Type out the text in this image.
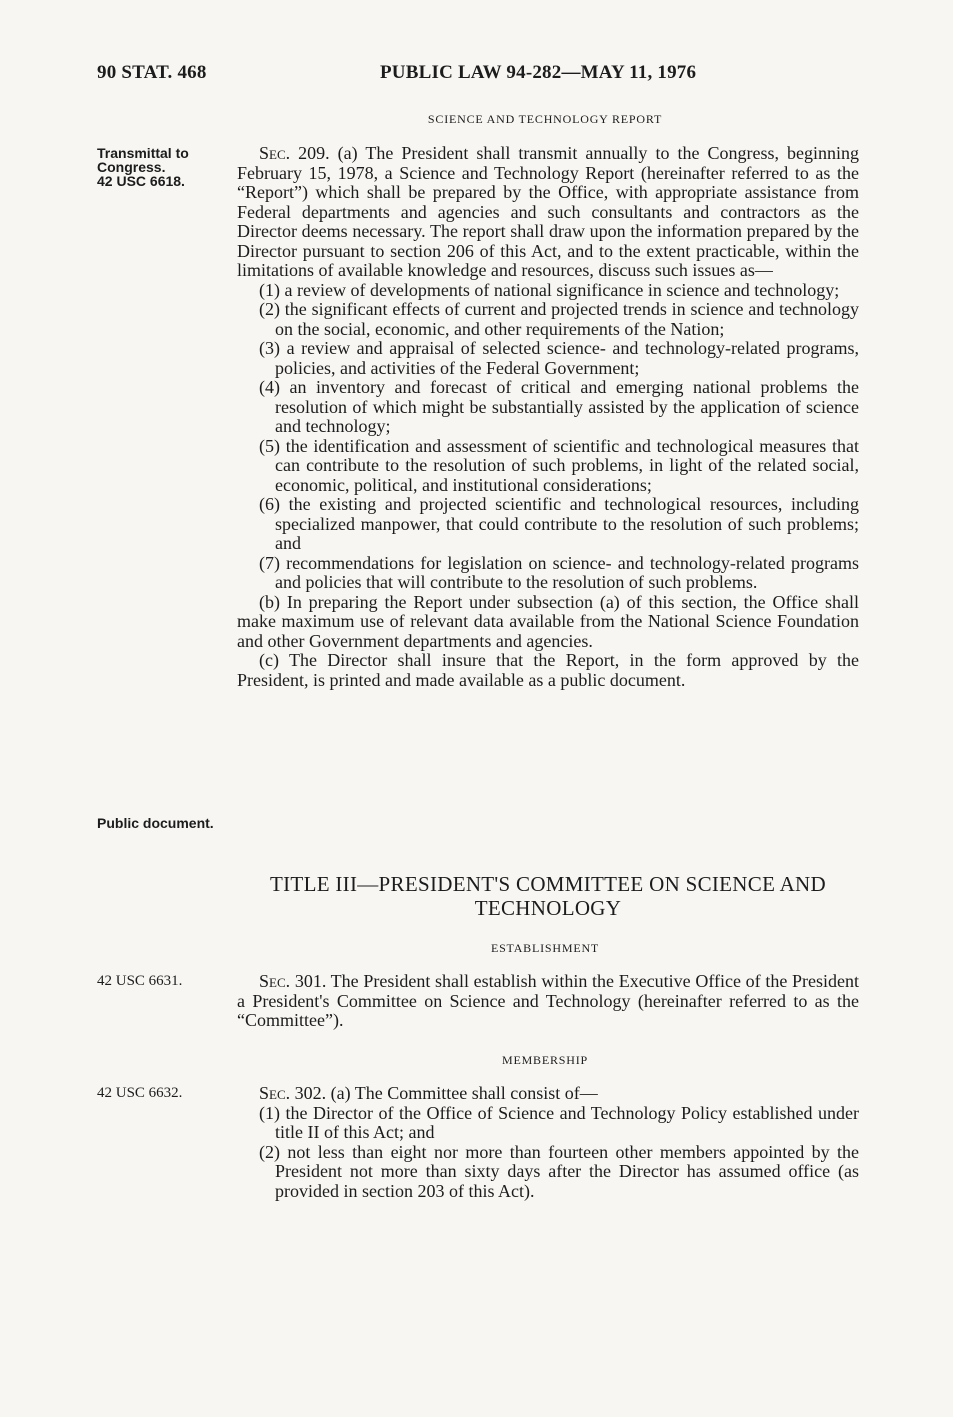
90 STAT. 468	PUBLIC LAW 94-282—MAY 11, 1976
SCIENCE AND TECHNOLOGY REPORT
Transmittal to Congress.
42 USC 6618.

Sec. 209. (a) The President shall transmit annually to the Congress, beginning February 15, 1978, a Science and Technology Report (hereinafter referred to as the “Report”) which shall be prepared by the Office, with appropriate assistance from Federal departments and agencies and such consultants and contractors as the Director deems necessary. The report shall draw upon the information prepared by the Director pursuant to section 206 of this Act, and to the extent practicable, within the limitations of available knowledge and resources, discuss such issues as—

(1) a review of developments of national significance in science and technology;

(2) the significant effects of current and projected trends in science and technology on the social, economic, and other requirements of the Nation;

(3) a review and appraisal of selected science- and technology-related programs, policies, and activities of the Federal Government;

(4) an inventory and forecast of critical and emerging national problems the resolution of which might be substantially assisted by the application of science and technology;

(5) the identification and assessment of scientific and technological measures that can contribute to the resolution of such problems, in light of the related social, economic, political, and institutional considerations;

(6) the existing and projected scientific and technological resources, including specialized manpower, that could contribute to the resolution of such problems; and

(7) recommendations for legislation on science- and technology-related programs and policies that will contribute to the resolution of such problems.

(b) In preparing the Report under subsection (a) of this section, the Office shall make maximum use of relevant data available from the National Science Foundation and other Government departments and agencies.

(c) The Director shall insure that the Report, in the form approved by the President, is printed and made available as a public document.

Public document.
TITLE III—PRESIDENT'S COMMITTEE ON SCIENCE AND TECHNOLOGY
ESTABLISHMENT
42 USC 6631.	Sec. 301. The President shall establish within the Executive Office of the President a President's Committee on Science and Technology (hereinafter referred to as the “Committee”).

MEMBERSHIP
42 USC 6632.	Sec. 302. (a) The Committee shall consist of—

(1) the Director of the Office of Science and Technology Policy established under title II of this Act; and

(2) not less than eight nor more than fourteen other members appointed by the President not more than sixty days after the Director has assumed office (as provided in section 203 of this Act).
